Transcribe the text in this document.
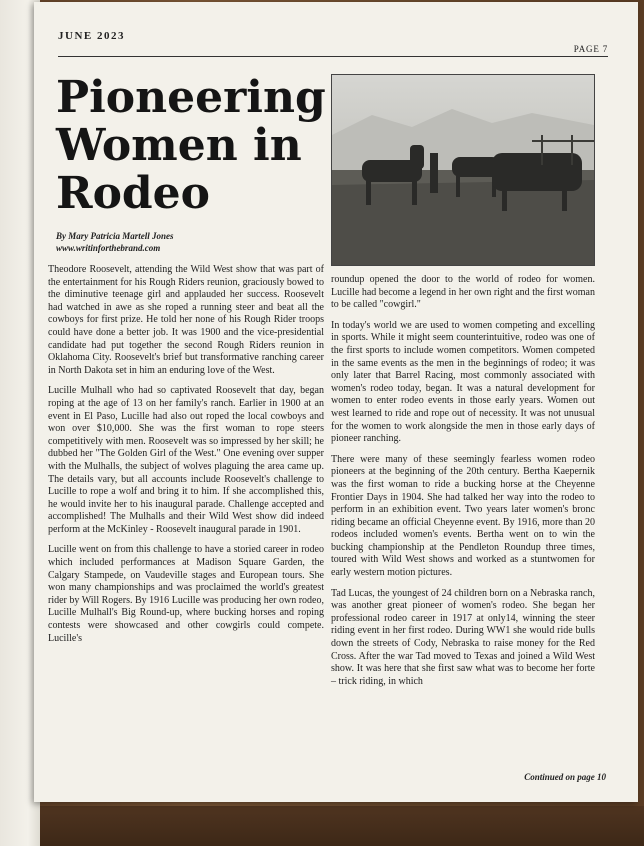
JUNE 2023
PAGE 7
Pioneering
Women in
Rodeo
By Mary Patricia Martell Jones
www.writinforthebrand.com

Theodore Roosevelt, attending the Wild West show that was part of the entertainment for his Rough Riders reunion, graciously bowed to the diminutive teenage girl and applauded her success. Roosevelt had watched in awe as she roped a running steer and beat all the cowboys for first prize. He told her none of his Rough Rider troops could have done a better job. It was 1900 and the vice-presidential candidate had put together the second Rough Riders reunion in Oklahoma City. Roosevelt's brief but transformative ranching career in North Dakota set in him an enduring love of the West.

Lucille Mulhall who had so captivated Roosevelt that day, began roping at the age of 13 on her family's ranch. Earlier in 1900 at an event in El Paso, Lucille had also out roped the local cowboys and won over $10,000. She was the first woman to rope steers competitively with men. Roosevelt was so impressed by her skill; he dubbed her "The Golden Girl of the West." One evening over supper with the Mulhalls, the subject of wolves plaguing the area came up. The details vary, but all accounts include Roosevelt's challenge to Lucille to rope a wolf and bring it to him. If she accomplished this, he would invite her to his inaugural parade. Challenge accepted and accomplished! The Mulhalls and their Wild West show did indeed perform at the McKinley - Roosevelt inaugural parade in 1901.

Lucille went on from this challenge to have a storied career in rodeo which included performances at Madison Square Garden, the Calgary Stampede, on Vaudeville stages and European tours. She won many championships and was proclaimed the world's greatest rider by Will Rogers. By 1916 Lucille was producing her own rodeo, Lucille Mulhall's Big Round-up, where bucking horses and roping contests were showcased and other cowgirls could compete. Lucille's

roundup opened the door to the world of rodeo for women. Lucille had become a legend in her own right and the first woman to be called "cowgirl."

In today's world we are used to women competing and excelling in sports. While it might seem counterintuitive, rodeo was one of the first sports to include women competitors. Women competed in the same events as the men in the beginnings of rodeo; it was only later that Barrel Racing, most commonly associated with women's rodeo today, began. It was a natural development for women to enter rodeo events in those early years. Women out west learned to ride and rope out of necessity. It was not unusual for the women to work alongside the men in those early days of pioneer ranching.

There were many of these seemingly fearless women rodeo pioneers at the beginning of the 20th century. Bertha Kaepernik was the first woman to ride a bucking horse at the Cheyenne Frontier Days in 1904. She had talked her way into the rodeo to perform in an exhibition event. Two years later women's bronc riding became an official Cheyenne event. By 1916, more than 20 rodeos included women's events. Bertha went on to win the bucking championship at the Pendleton Roundup three times, toured with Wild West shows and worked as a stuntwomen for early western motion pictures.

Tad Lucas, the youngest of 24 children born on a Nebraska ranch, was another great pioneer of women's rodeo. She began her professional rodeo career in 1917 at only14, winning the steer riding event in her first rodeo. During WW1 she would ride bulls down the streets of Cody, Nebraska to raise money for the Red Cross. After the war Tad moved to Texas and joined a Wild West show. It was here that she first saw what was to become her forte – trick riding, in which

Continued on page 10
